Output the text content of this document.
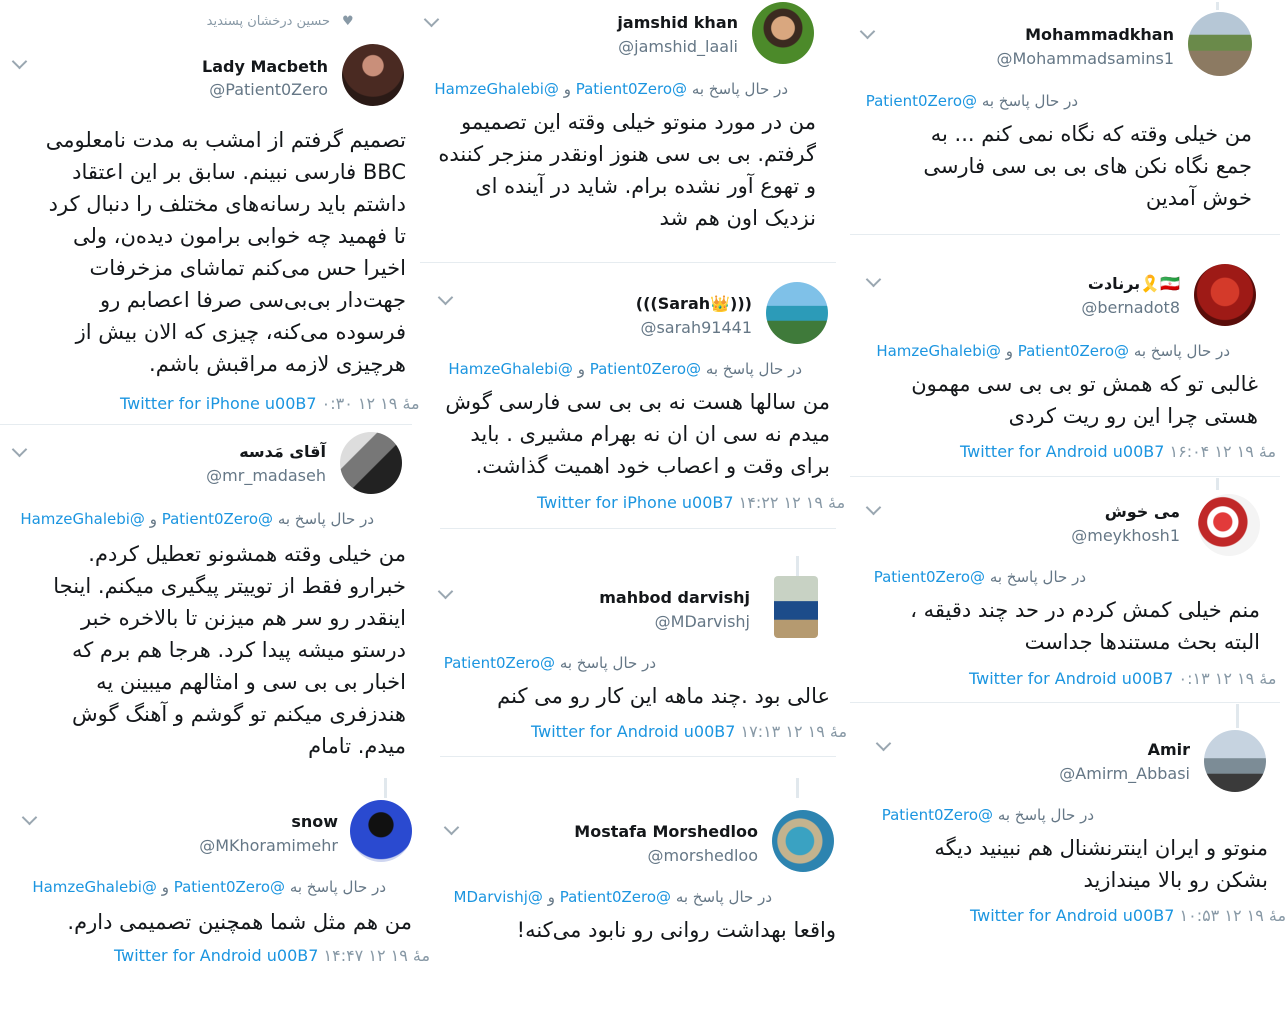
♥
حسین درخشان پسندید
Lady Macbeth
@Patient0Zero
تصمیم گرفتم از امشب به مدت نامعلومی BBC فارسی نبینم. سابق بر این اعتقاد داشتم باید رسانه‌های مختلف را دنبال کرد تا فهمید چه خوابی برامون دیده‌ن، ولی اخیرا حس می‌کنم تماشای مزخرفات جهت‌دار بی‌بی‌سی صرفا اعصابم رو فرسوده می‌کنه، چیزی که الان بیش از هرچیزی لازمه مراقبش باشم.
Twitter for iPhone u00B7 ۰:۳۰ ۱۲ مهٔ ۱۹
آقای مَدسه
@mr_madaseh
در حال پاسخ به @Patient0Zero و @HamzeGhalebi
من خیلی وقته همشونو تعطیل کردم. خبرارو فقط از توییتر پیگیری میکنم. اینجا اینقدر رو سر هم میزنن تا بالاخره خبر درستو میشه پیدا کرد. هرجا هم برم که اخبار بی بی سی و امثالهم میبینن یه هندزفری میکنم تو گوشم و آهنگ گوش میدم. تامام
snow
@MKhoramimehr
در حال پاسخ به @Patient0Zero و @HamzeGhalebi
من هم مثل شما همچنین تصمیمی دارم.
Twitter for Android u00B7 ۱۴:۴۷ ۱۲ مهٔ ۱۹
jamshid khan
@jamshid_laali
در حال پاسخ به @Patient0Zero و @HamzeGhalebi
من در مورد منوتو خیلی وقته این تصمیمو گرفتم. بی بی سی هنوز اونقدر منزجر کننده و تهوع آور نشده برام. شاید در آینده ای نزدیک اون هم شد
(((Sarah👑)))
@sarah91441
در حال پاسخ به @Patient0Zero و @HamzeGhalebi
من سالها هست نه بی بی سی فارسی گوش میدم نه سی ان ان نه بهرام مشیری . باید برای وقت و اعصاب خود اهمیت گذاشت.
Twitter for iPhone u00B7 ۱۴:۲۲ ۱۲ مهٔ ۱۹
mahbod darvishj
@MDarvishj
در حال پاسخ به @Patient0Zero
عالی بود .چند ماهه این کار رو می کنم
Twitter for Android u00B7 ۱۷:۱۳ ۱۲ مهٔ ۱۹
Mostafa Morshedloo
@morshedloo
در حال پاسخ به @Patient0Zero و @MDarvishj
واقعا بهداشت روانی رو نابود می‌کنه!
Mohammadkhan
@Mohammadsamins1
در حال پاسخ به @Patient0Zero
من خیلی وقته که نگاه نمی کنم ... به جمع نگاه نکن های بی بی سی فارسی خوش آمدین
برنادت🎗️🇮🇷
@bernadot8
در حال پاسخ به @Patient0Zero و @HamzeGhalebi
غالبی تو که همش تو بی بی سی مهمون هستی چرا این رو ریت کردی
Twitter for Android u00B7 ۱۶:۰۴ ۱۲ مهٔ ۱۹
می خوش
@meykhosh1
در حال پاسخ به @Patient0Zero
منم خیلی کمش کردم در حد چند دقیقه ، البته بحث مستندها جداست
Twitter for Android u00B7 ۰:۱۳ ۱۲ مهٔ ۱۹
Amir
@Amirm_Abbasi
در حال پاسخ به @Patient0Zero
منوتو و ایران اینترنشنال هم نبینید دیگه بشکن رو بالا میندازید
Twitter for Android u00B7 ۱۰:۵۳ ۱۲ مهٔ ۱۹
